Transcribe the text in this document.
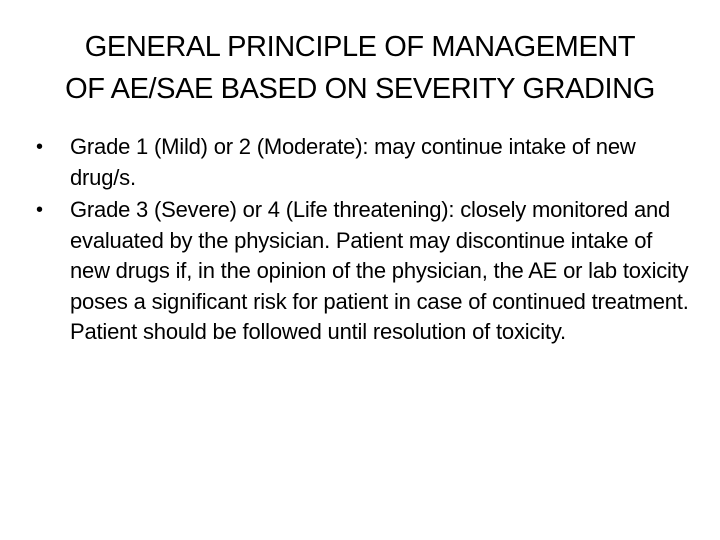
GENERAL PRINCIPLE OF MANAGEMENT
OF AE/SAE BASED ON SEVERITY GRADING
•	Grade 1 (Mild) or 2 (Moderate): may continue intake of new drug/s.
•	Grade 3 (Severe) or 4 (Life threatening): closely monitored and evaluated by the physician. Patient may discontinue intake of new drugs if, in the opinion of the physician, the AE or lab toxicity poses a significant risk for patient in case of continued treatment. Patient should be followed until resolution of toxicity.
